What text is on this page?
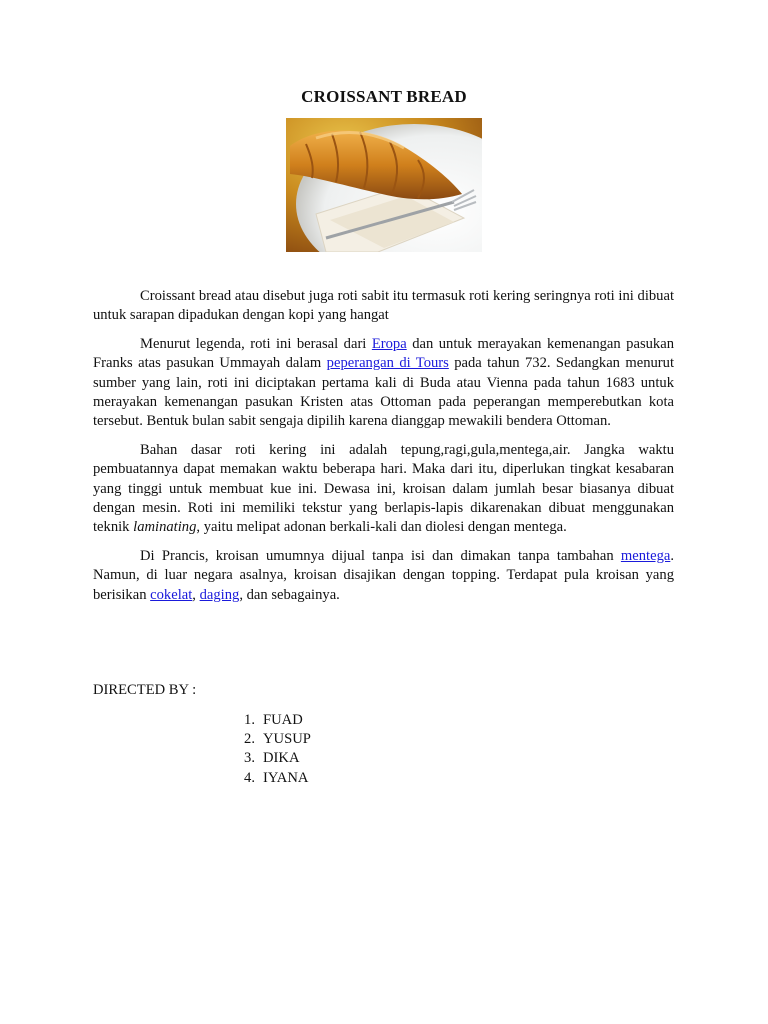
CROISSANT BREAD

Croissant bread atau disebut juga roti sabit itu termasuk roti kering seringnya roti ini dibuat untuk sarapan dipadukan dengan kopi yang hangat

Menurut legenda, roti ini berasal dari Eropa dan untuk merayakan kemenangan pasukan Franks atas pasukan Ummayah dalam peperangan di Tours pada tahun 732. Sedangkan menurut sumber yang lain, roti ini diciptakan pertama kali di Buda atau Vienna pada tahun 1683 untuk merayakan kemenangan pasukan Kristen atas Ottoman pada peperangan memperebutkan kota tersebut. Bentuk bulan sabit sengaja dipilih karena dianggap mewakili bendera Ottoman.

Bahan dasar roti kering ini adalah tepung,ragi,gula,mentega,air. Jangka waktu pembuatannya dapat memakan waktu beberapa hari. Maka dari itu, diperlukan tingkat kesabaran yang tinggi untuk membuat kue ini. Dewasa ini, kroisan dalam jumlah besar biasanya dibuat dengan mesin. Roti ini memiliki tekstur yang berlapis-lapis dikarenakan dibuat menggunakan teknik laminating, yaitu melipat adonan berkali-kali dan diolesi dengan mentega.

Di Prancis, kroisan umumnya dijual tanpa isi dan dimakan tanpa tambahan mentega. Namun, di luar negara asalnya, kroisan disajikan dengan topping. Terdapat pula kroisan yang berisikan cokelat, daging, dan sebagainya.

DIRECTED BY :
1. FUAD
2. YUSUP
3. DIKA
4. IYANA
